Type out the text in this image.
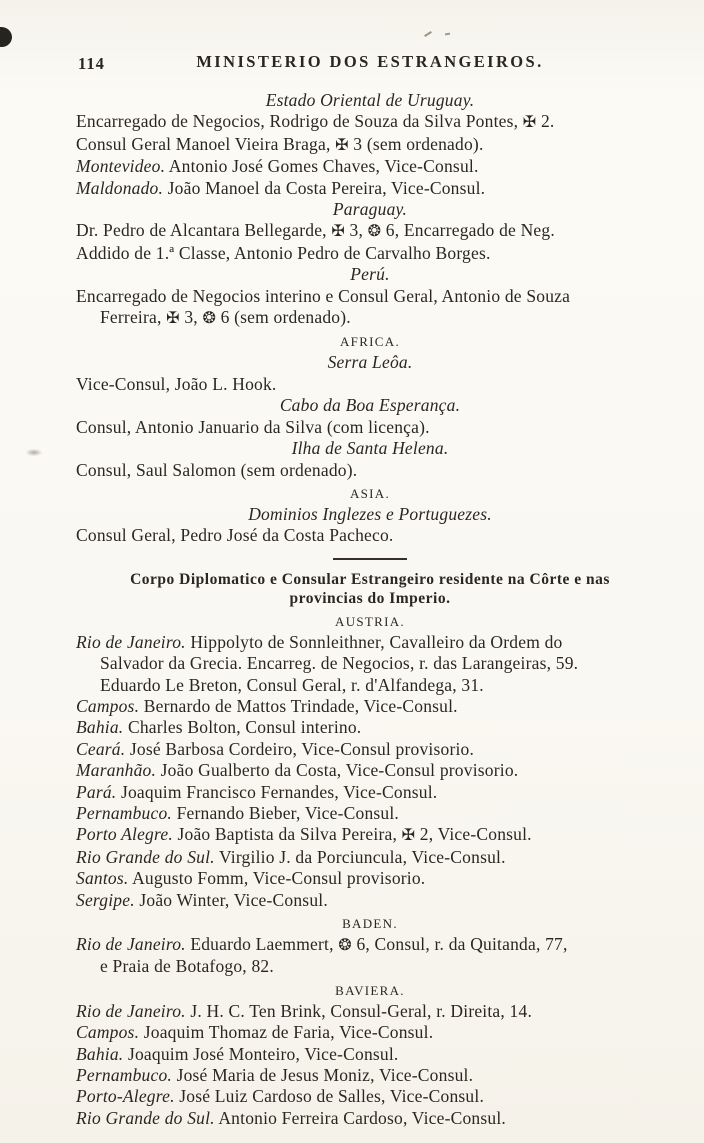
114	MINISTERIO DOS ESTRANGEIROS.
Estado Oriental de Uruguay.
Encarregado de Negocios, Rodrigo de Souza da Silva Pontes, ✠ 2.
Consul Geral Manoel Vieira Braga, ✠ 3 (sem ordenado).
Montevideo. Antonio José Gomes Chaves, Vice-Consul.
Maldonado. João Manoel da Costa Pereira, Vice-Consul.
Paraguay.
Dr. Pedro de Alcantara Bellegarde, ✠ 3, ❂ 6, Encarregado de Neg.
Addido de 1.ª Classe, Antonio Pedro de Carvalho Borges.
Perú.
Encarregado de Negocios interino e Consul Geral, Antonio de Souza
Ferreira, ✠ 3, ❂ 6 (sem ordenado).
AFRICA.
Serra Leôa.
Vice-Consul, João L. Hook.
Cabo da Boa Esperança.
Consul, Antonio Januario da Silva (com licença).
Ilha de Santa Helena.
Consul, Saul Salomon (sem ordenado).
ASIA.
Dominios Inglezes e Portuguezes.
Consul Geral, Pedro José da Costa Pacheco.
Corpo Diplomatico e Consular Estrangeiro residente na Côrte e nas
provincias do Imperio.
AUSTRIA.
Rio de Janeiro. Hippolyto de Sonnleithner, Cavalleiro da Ordem do
Salvador da Grecia. Encarreg. de Negocios, r. das Larangeiras, 59.
Eduardo Le Breton, Consul Geral, r. d'Alfandega, 31.
Campos. Bernardo de Mattos Trindade, Vice-Consul.
Bahia. Charles Bolton, Consul interino.
Ceará. José Barbosa Cordeiro, Vice-Consul provisorio.
Maranhão. João Gualberto da Costa, Vice-Consul provisorio.
Pará. Joaquim Francisco Fernandes, Vice-Consul.
Pernambuco. Fernando Bieber, Vice-Consul.
Porto Alegre. João Baptista da Silva Pereira, ✠ 2, Vice-Consul.
Rio Grande do Sul. Virgilio J. da Porciuncula, Vice-Consul.
Santos. Augusto Fomm, Vice-Consul provisorio.
Sergipe. João Winter, Vice-Consul.
BADEN.
Rio de Janeiro. Eduardo Laemmert, ❂ 6, Consul, r. da Quitanda, 77,
e Praia de Botafogo, 82.
BAVIERA.
Rio de Janeiro. J. H. C. Ten Brink, Consul-Geral, r. Direita, 14.
Campos. Joaquim Thomaz de Faria, Vice-Consul.
Bahia. Joaquim José Monteiro, Vice-Consul.
Pernambuco. José Maria de Jesus Moniz, Vice-Consul.
Porto-Alegre. José Luiz Cardoso de Salles, Vice-Consul.
Rio Grande do Sul. Antonio Ferreira Cardoso, Vice-Consul.
